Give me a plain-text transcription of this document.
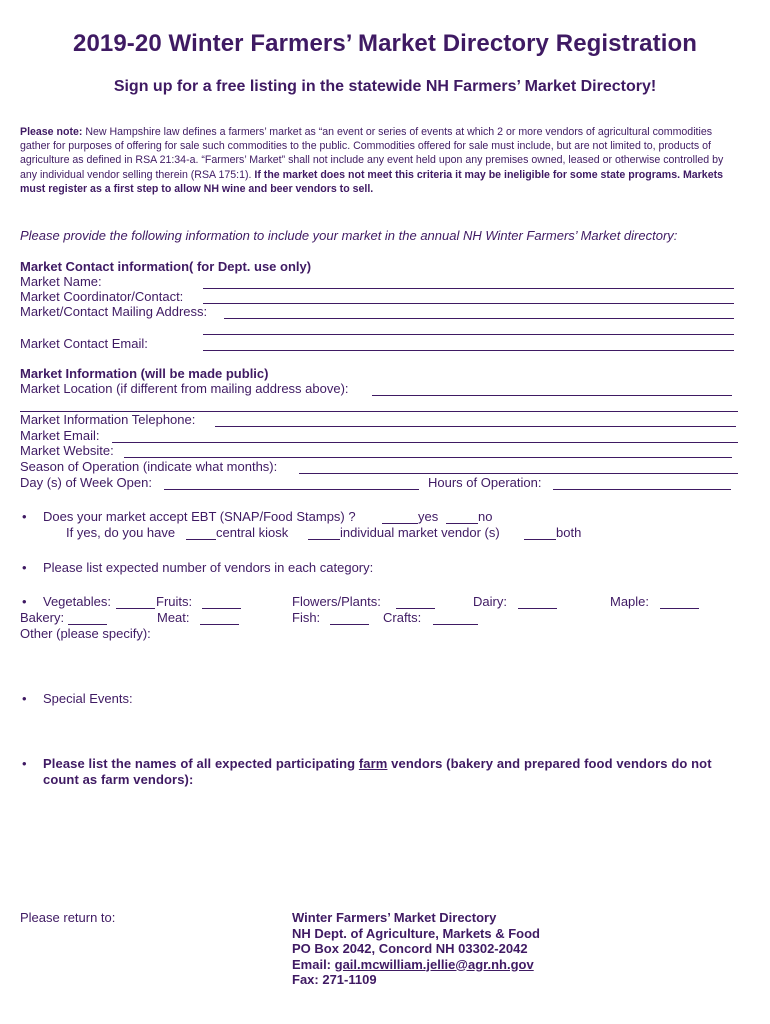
2019-20 Winter Farmers’ Market Directory Registration
Sign up for a free listing in the statewide NH Farmers’ Market Directory!
Please note: New Hampshire law defines a farmers’ market as “an event or series of events at which 2 or more vendors of agricultural commodities gather for purposes of offering for sale such commodities to the public. Commodities offered for sale must include, but are not limited to, products of agriculture as defined in RSA 21:34-a. “Farmers’ Market” shall not include any event held upon any premises owned, leased or otherwise controlled by any individual vendor selling therein (RSA 175:1). If the market does not meet this criteria it may be ineligible for some state programs. Markets must register as a first step to allow NH wine and beer vendors to sell.
Please provide the following information to include your market in the annual NH Winter Farmers’ Market directory:
Market Contact information( for Dept. use only)
Market Name:
Market Coordinator/Contact:
Market/Contact Mailing Address:
Market Contact Email:
Market Information (will be made public)
Market Location (if different from mailing address above):
Market Information Telephone:
Market Email:
Market Website:
Season of Operation (indicate what months):
Day (s) of Week Open:	Hours of Operation:
• Does your market accept EBT (SNAP/Food Stamps) ?	yes	no
If yes, do you have	central kiosk	individual market vendor (s)	both
• Please list expected number of vendors in each category:
• Vegetables:	Fruits:	Flowers/Plants:	Dairy:	Maple:
Bakery:	Meat:	Fish:	Crafts:
Other (please specify):
• Special Events:
• Please list the names of all expected participating farm vendors (bakery and prepared food vendors do not count as farm vendors):
Please return to:	Winter Farmers’ Market Directory
NH Dept. of Agriculture, Markets & Food
PO Box 2042, Concord NH 03302-2042
Email: gail.mcwilliam.jellie@agr.nh.gov
Fax: 271-1109
